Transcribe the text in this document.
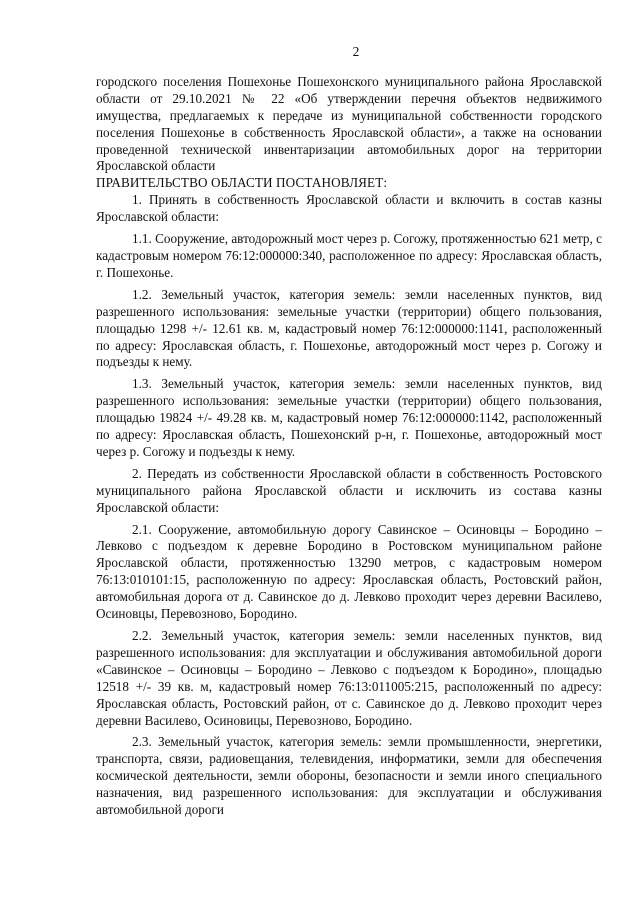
2

городского поселения Пошехонье Пошехонского муниципального района Ярославской области от 29.10.2021 № 22 «Об утверждении перечня объектов недвижимого имущества, предлагаемых к передаче из муниципальной собственности городского поселения Пошехонье в собственность Ярославской области», а также на основании проведенной технической инвентаризации автомобильных дорог на территории Ярославской области

ПРАВИТЕЛЬСТВО ОБЛАСТИ ПОСТАНОВЛЯЕТ:

1. Принять в собственность Ярославской области и включить в состав казны Ярославской области:

1.1. Сооружение, автодорожный мост через р. Согожу, протяженностью 621 метр, с кадастровым номером 76:12:000000:340, расположенное по адресу: Ярославская область, г. Пошехонье.

1.2. Земельный участок, категория земель: земли населенных пунктов, вид разрешенного использования: земельные участки (территории) общего пользования, площадью 1298 +/- 12.61 кв. м, кадастровый номер 76:12:000000:1141, расположенный по адресу: Ярославская область, г. Пошехонье, автодорожный мост через р. Согожу и подъезды к нему.

1.3. Земельный участок, категория земель: земли населенных пунктов, вид разрешенного использования: земельные участки (территории) общего пользования, площадью 19824 +/- 49.28 кв. м, кадастровый номер 76:12:000000:1142, расположенный по адресу: Ярославская область, Пошехонский р-н, г. Пошехонье, автодорожный мост через р. Согожу и подъезды к нему.

2. Передать из собственности Ярославской области в собственность Ростовского муниципального района Ярославской области и исключить из состава казны Ярославской области:

2.1. Сооружение, автомобильную дорогу Савинское – Осиновцы – Бородино – Левково с подъездом к деревне Бородино в Ростовском муниципальном районе Ярославской области, протяженностью 13290 метров, с кадастровым номером 76:13:010101:15, расположенную по адресу: Ярославская область, Ростовский район, автомобильная дорога от д. Савинское до д. Левково проходит через деревни Василево, Осиновцы, Перевозново, Бородино.

2.2. Земельный участок, категория земель: земли населенных пунктов, вид разрешенного использования: для эксплуатации и обслуживания автомобильной дороги «Савинское – Осиновцы – Бородино – Левково с подъездом к Бородино», площадью 12518 +/- 39 кв. м, кадастровый номер 76:13:011005:215, расположенный по адресу: Ярославская область, Ростовский район, от с. Савинское до д. Левково проходит через деревни Василево, Осиновицы, Перевозново, Бородино.

2.3. Земельный участок, категория земель: земли промышленности, энергетики, транспорта, связи, радиовещания, телевидения, информатики, земли для обеспечения космической деятельности, земли обороны, безопасности и земли иного специального назначения, вид разрешенного использования: для эксплуатации и обслуживания автомобильной дороги
